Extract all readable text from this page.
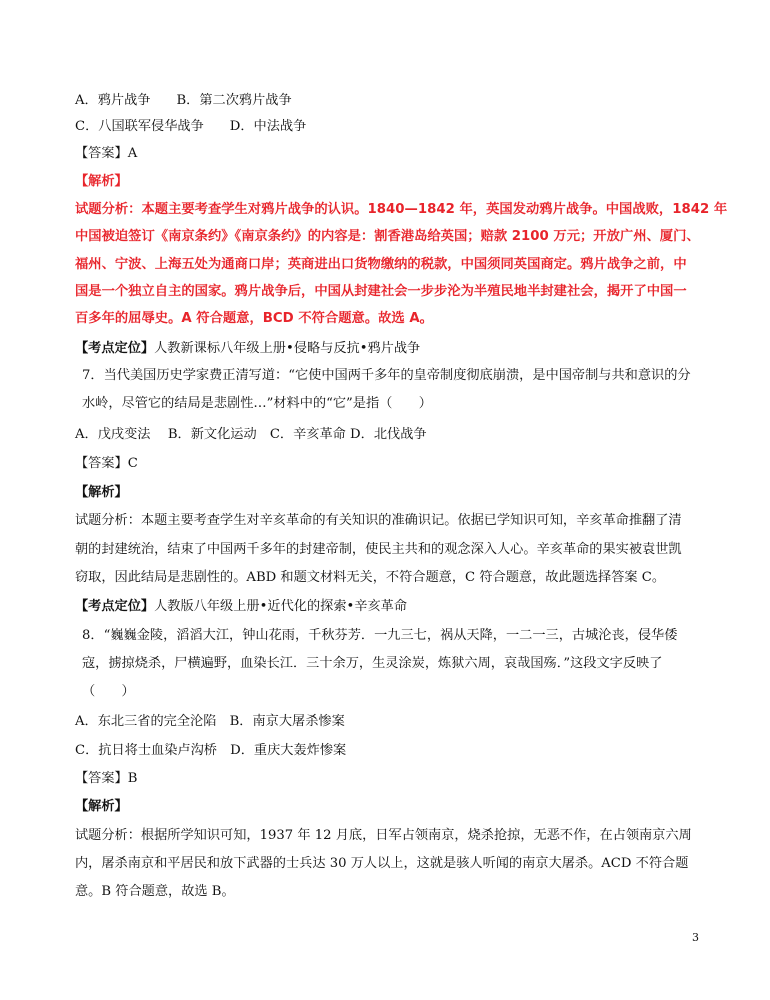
A．鸦片战争 B．第二次鸦片战争
C．八国联军侵华战争 D．中法战争
【答案】A
【解析】
试题分析：本题主要考查学生对鸦片战争的认识。1840—1842 年，英国发动鸦片战争。中国战败，1842 年
中国被迫签订《南京条约》《南京条约》的内容是：割香港岛给英国；赔款 2100 万元；开放广州、厦门、
福州、宁波、上海五处为通商口岸；英商进出口货物缴纳的税款，中国须同英国商定。鸦片战争之前，中
国是一个独立自主的国家。鸦片战争后，中国从封建社会一步步沦为半殖民地半封建社会，揭开了中国一
百多年的屈辱史。A 符合题意，BCD 不符合题意。故选 A。
【考点定位】人教新课标八年级上册•侵略与反抗•鸦片战争
7．当代美国历史学家费正清写道：“它使中国两千多年的皇帝制度彻底崩溃，是中国帝制与共和意识的分
水岭，尽管它的结局是悲剧性…”材料中的“它”是指（　　）
A．戊戌变法　 B．新文化运动　C．辛亥革命 D．北伐战争
【答案】C
【解析】
试题分析：本题主要考查学生对辛亥革命的有关知识的准确识记。依据已学知识可知，辛亥革命推翻了清
朝的封建统治，结束了中国两千多年的封建帝制，使民主共和的观念深入人心。辛亥革命的果实被袁世凯
窃取，因此结局是悲剧性的。ABD 和题文材料无关，不符合题意，C 符合题意，故此题选择答案 C。
【考点定位】人教版八年级上册•近代化的探索•辛亥革命
8．“巍巍金陵，滔滔大江，钟山花雨，千秋芬芳．一九三七，祸从天降，一二一三，古城沦丧，侵华倭
寇，掳掠烧杀，尸横遍野，血染长江．三十余万，生灵涂炭，炼狱六周，哀哉国殇．”这段文字反映了
（　　）
A．东北三省的完全沦陷　B．南京大屠杀惨案
C．抗日将士血染卢沟桥　D．重庆大轰炸惨案
【答案】B
【解析】
试题分析：根据所学知识可知，1937 年 12 月底，日军占领南京，烧杀抢掠，无恶不作，在占领南京六周
内，屠杀南京和平居民和放下武器的士兵达 30 万人以上，这就是骇人听闻的南京大屠杀。ACD 不符合题
意。B 符合题意，故选 B。
3
